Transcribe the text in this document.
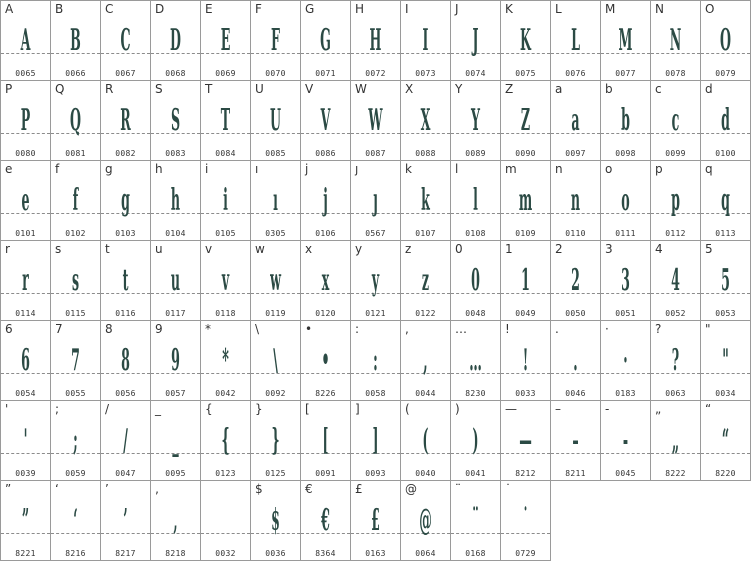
A
A
0065
B
B
0066
C
C
0067
D
D
0068
E
E
0069
F
F
0070
G
G
0071
H
H
0072
I
I
0073
J
J
0074
K
K
0075
L
L
0076
M
M
0077
N
N
0078
O
O
0079
P
P
0080
Q
Q
0081
R
R
0082
S
S
0083
T
T
0084
U
U
0085
V
V
0086
W
W
0087
X
X
0088
Y
Y
0089
Z
Z
0090
a
a
0097
b
b
0098
c
c
0099
d
d
0100
e
e
0101
f
f
0102
g
g
0103
h
h
0104
i
i
0105
ı
ı
0305
j
j
0106
ȷ
ȷ
0567
k
k
0107
l
l
0108
m
m
0109
n
n
0110
o
o
0111
p
p
0112
q
q
0113
r
r
0114
s
s
0115
t
t
0116
u
u
0117
v
v
0118
w
w
0119
x
x
0120
y
y
0121
z
z
0122
0
0
0048
1
1
0049
2
2
0050
3
3
0051
4
4
0052
5
5
0053
6
6
0054
7
7
0055
8
8
0056
9
9
0057
*
*
0042
\
\
0092
•
•
8226
:
:
0058
,
,
0044
…
…
8230
!
!
0033
.
.
0046
·
·
0183
?
?
0063
"
"
0034
'
'
0039
;
;
0059
/
/
0047
_
_
0095
{
{
0123
}
}
0125
[
[
0091
]
]
0093
(
(
0040
)
)
0041
—
—
8212
–
–
8211
-
-
0045
„
„
8222
“
“
8220
”
”
8221
‘
‘
8216
’
’
8217
‚
‚
8218	0032
$
$
0036
€
€
8364
£
£
0163
@
@
0064
¨
¨
0168
˙
˙
0729
